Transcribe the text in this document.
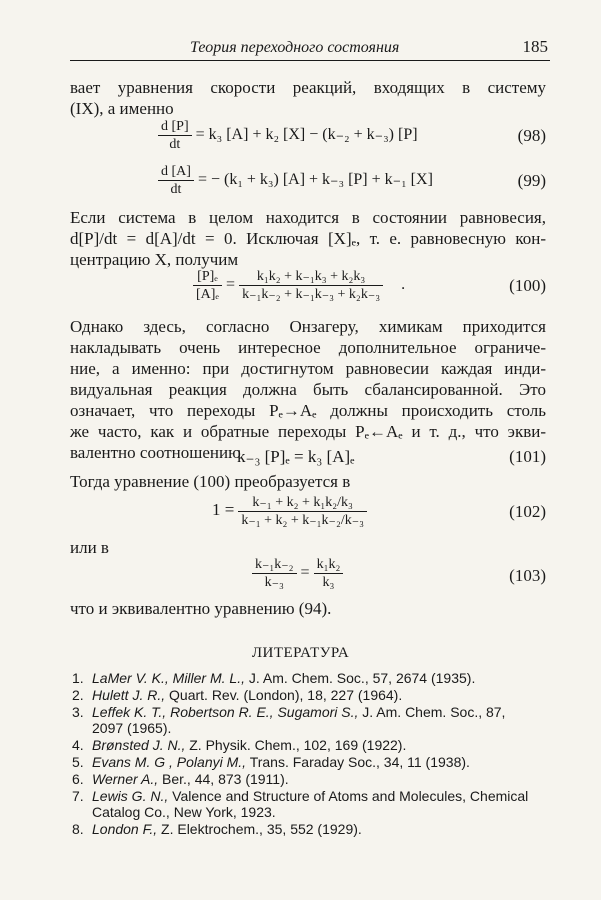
Теория переходного состояния	185
вает уравнения скорости реакций, входящих в систему
(IX), а именно
$\frac{d [P]}{dt} = k_3$ [A] + k₂ [X] − (k₋₂ + k₋₃) [P]	(98)
$\frac{d [A]}{dt}$ = − (k₁ + k₃) [A] + k₋₃ [P] + k₋₁ [X]	(99)
Если система в целом находится в состоянии равновесия,
d[P]/dt = d[A]/dt = 0. Исключая [X]ₑ, т. е. равновесную кон-
центрацию X, получим
$\frac{\text{[P]ₑ}}{\text{[A]ₑ}} = \frac{\text{k₁k₂ + k₋₁k₃ + k₂k₃}}{\text{k₋₁k₋₂ + k₋₁k₋₃ + k₂k₋₃}}$ .	(100)
Однако здесь, согласно Онзагеру, химикам приходится
накладывать очень интересное дополнительное ограниче-
ние, а именно: при достигнутом равновесии каждая инди-
видуальная реакция должна быть сбалансированной. Это
означает, что переходы Pₑ→Aₑ должны происходить столь
же часто, как и обратные переходы Pₑ←Aₑ и т. д., что экви-
валентно соотношению
k₋₃ [P]ₑ = k₃ [A]ₑ	(101)
Тогда уравнение (100) преобразуется в
$1 = \frac{\text{k₋₁ + k₂ + k₁k₂/k₃}}{\text{k₋₁ + k₂ + k₋₁k₋₂/k₋₃}}$	(102)
или в
$\frac{\text{k₋₁k₋₂}}{\text{k₋₃}} = \frac{\text{k₁k₂}}{\text{k₃}}$	(103)
что и эквивалентно уравнению (94).
ЛИТЕРАТУРА
1. LaMer V. K., Miller M. L., J. Am. Chem. Soc., 57, 2674 (1935).
2. Hulett J. R., Quart. Rev. (London), 18, 227 (1964).
3. Leffek K. T., Robertson R. E., Sugamori S., J. Am. Chem. Soc., 87, 2097 (1965).
4. Brønsted J. N., Z. Physik. Chem., 102, 169 (1922).
5. Evans M. G , Polanyi M., Trans. Faraday Soc., 34, 11 (1938).
6. Werner A., Ber., 44, 873 (1911).
7. Lewis G. N., Valence and Structure of Atoms and Molecules, Chemical Catalog Co., New York, 1923.
8. London F., Z. Elektrochem., 35, 552 (1929).
